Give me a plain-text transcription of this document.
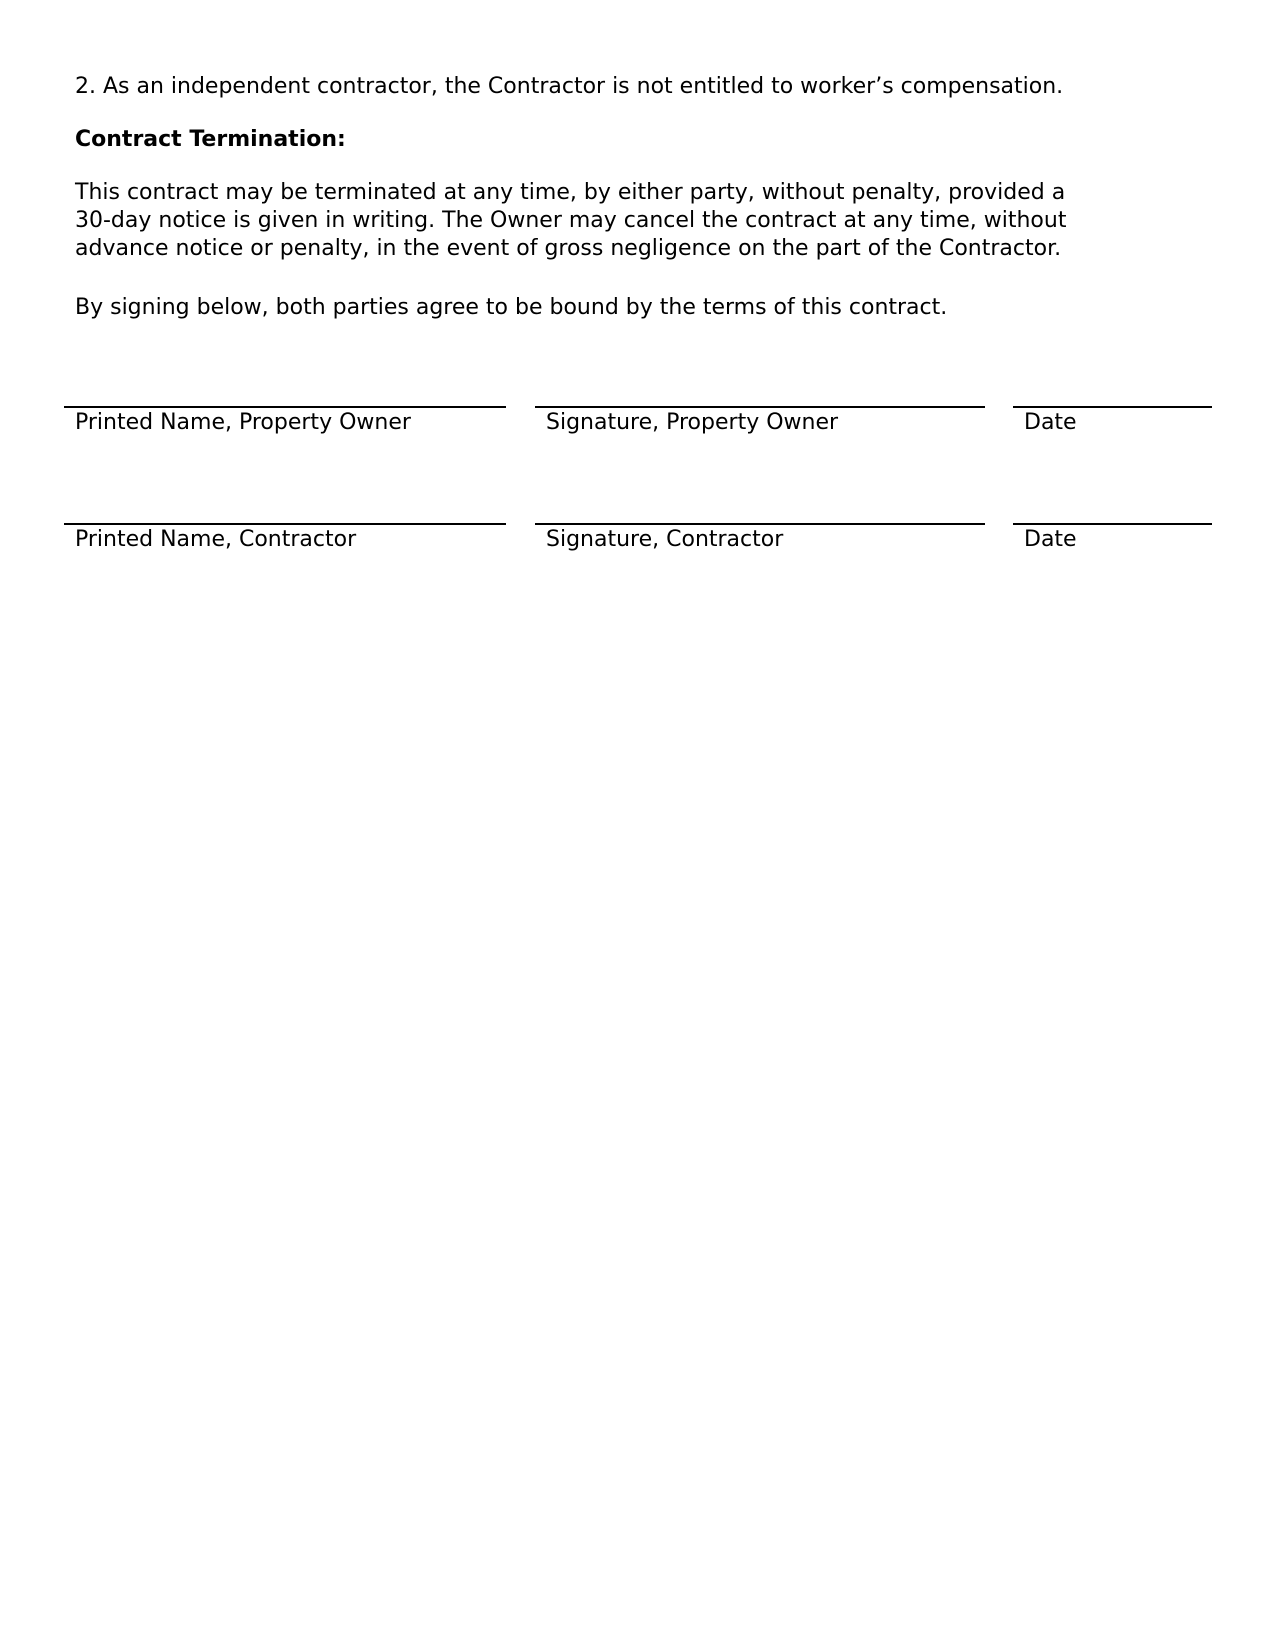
2. As an independent contractor, the Contractor is not entitled to worker’s compensation.
Contract Termination:
This contract may be terminated at any time, by either party, without penalty, provided a
30-day notice is given in writing. The Owner may cancel the contract at any time, without
advance notice or penalty, in the event of gross negligence on the part of the Contractor.
By signing below, both parties agree to be bound by the terms of this contract.
Printed Name, Property Owner	Signature, Property Owner	Date
Printed Name, Contractor	Signature, Contractor	Date
